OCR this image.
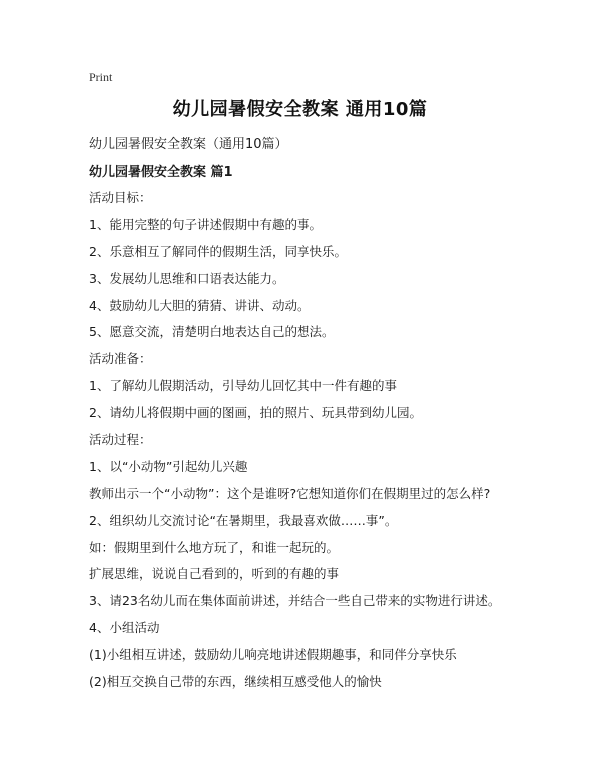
Print
幼儿园暑假安全教案 通用10篇
幼儿园暑假安全教案（通用10篇）
幼儿园暑假安全教案 篇1
活动目标：
1、能用完整的句子讲述假期中有趣的事。
2、乐意相互了解同伴的假期生活，同享快乐。
3、发展幼儿思维和口语表达能力。
4、鼓励幼儿大胆的猜猜、讲讲、动动。
5、愿意交流，清楚明白地表达自己的想法。
活动准备：
1、了解幼儿假期活动，引导幼儿回忆其中一件有趣的事
2、请幼儿将假期中画的图画，拍的照片、玩具带到幼儿园。
活动过程：
1、以“小动物”引起幼儿兴趣
教师出示一个“小动物”：这个是谁呀?它想知道你们在假期里过的怎么样?
2、组织幼儿交流讨论“在暑期里，我最喜欢做……事”。
如：假期里到什么地方玩了，和谁一起玩的。
扩展思维，说说自己看到的，听到的有趣的事
3、请23名幼儿而在集体面前讲述，并结合一些自己带来的实物进行讲述。
4、小组活动
(1)小组相互讲述，鼓励幼儿响亮地讲述假期趣事，和同伴分享快乐
(2)相互交换自己带的东西，继续相互感受他人的愉快
